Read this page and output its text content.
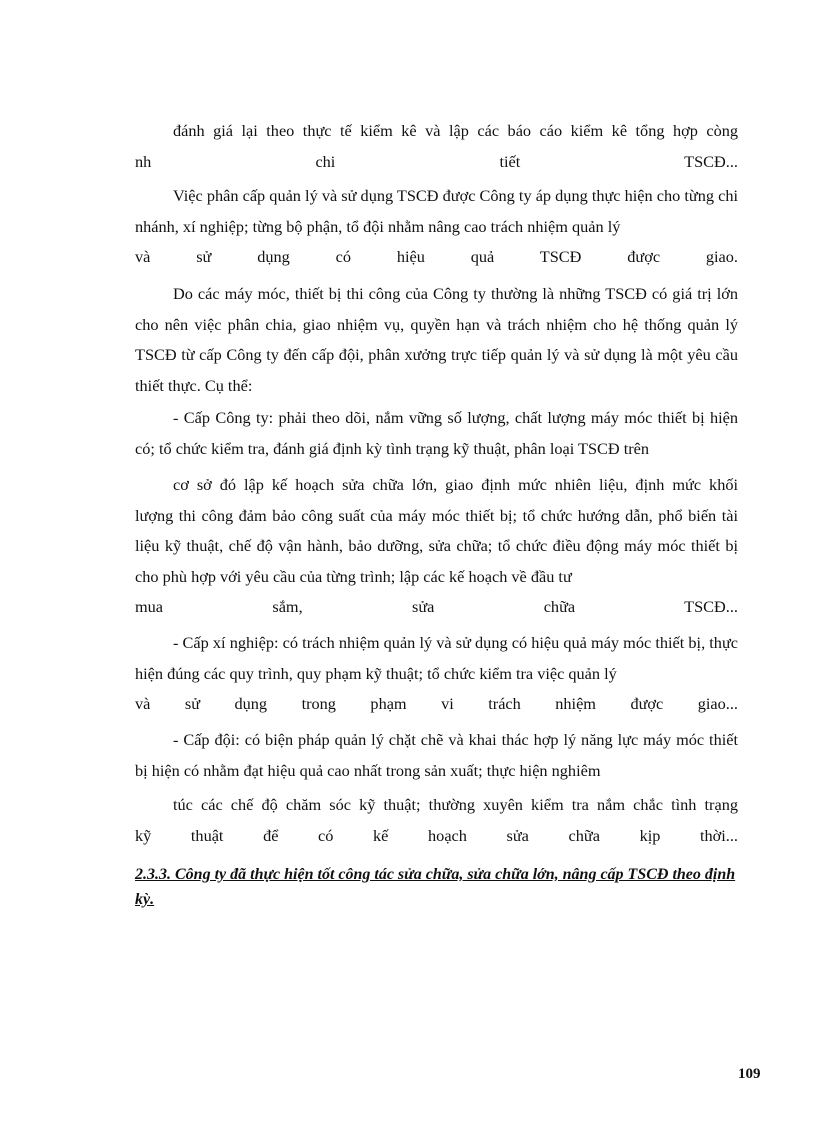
đánh giá lại theo thực tế kiểm kê và lập các báo cáo kiểm kê tổng hợp còng

nh chi tiết TSCĐ...

Việc phân cấp quản lý và sử dụng TSCĐ được Công ty áp dụng thực hiện cho từng chi nhánh, xí nghiệp; từng bộ phận, tổ đội nhằm nâng cao trách nhiệm quản lý

và sử dụng có hiệu quả TSCĐ được giao.

Do các máy móc, thiết bị thi công của Công ty thường là những TSCĐ có giá trị lớn cho nên việc phân chia, giao nhiệm vụ, quyền hạn và trách nhiệm cho hệ thống quản lý TSCĐ từ cấp Công ty đến cấp đội, phân xưởng trực tiếp quản lý và sử dụng là một yêu cầu thiết thực. Cụ thể:

- Cấp Công ty: phải theo dõi, nắm vững số lượng, chất lượng máy móc thiết bị hiện có; tổ chức kiểm tra, đánh giá định kỳ tình trạng kỹ thuật, phân loại TSCĐ trên

cơ sở đó lập kế hoạch sửa chữa lớn, giao định mức nhiên liệu, định mức khối

lượng thi công đảm bảo công suất của máy móc thiết bị; tổ chức hướng dẫn, phổ biến tài liệu kỹ thuật, chế độ vận hành, bảo dưỡng, sửa chữa; tổ chức điều động máy móc thiết bị cho phù hợp với yêu cầu của từng trình; lập các kế hoạch về đầu tư

mua sắm, sửa chữa TSCĐ...

- Cấp xí nghiệp: có trách nhiệm quản lý và sử dụng có hiệu quả máy móc thiết bị, thực hiện đúng các quy trình, quy phạm kỹ thuật; tổ chức kiểm tra việc quản lý

và sử dụng trong phạm vi trách nhiệm được giao...

- Cấp đội: có biện pháp quản lý chặt chẽ và khai thác hợp lý năng lực máy móc thiết bị hiện có nhằm đạt hiệu quả cao nhất trong sản xuất; thực hiện nghiêm

túc các chế độ chăm sóc kỹ thuật; thường xuyên kiểm tra nắm chắc tình trạng

kỹ thuật để có kế hoạch sửa chữa kịp thời...

2.3.3. Công ty đã thực hiện tốt công tác sửa chữa, sửa chữa lớn, nâng cấp TSCĐ theo định kỳ.
109
